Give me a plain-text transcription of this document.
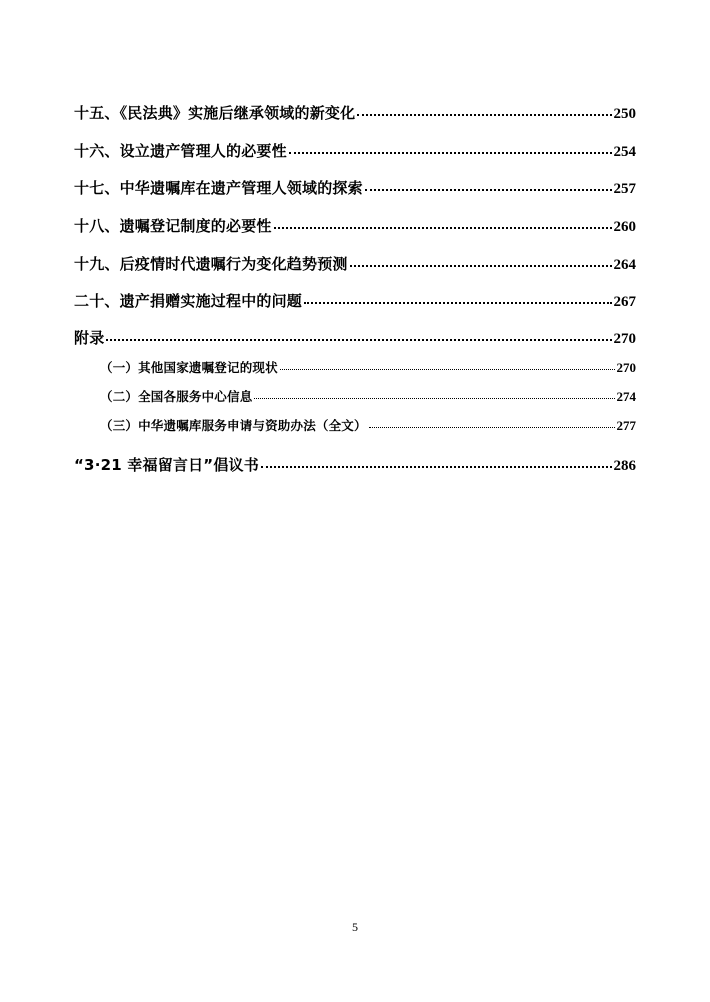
十五、《民法典》实施后继承领域的新变化	250
十六、设立遗产管理人的必要性	254
十七、中华遗嘱库在遗产管理人领域的探索	257
十八、遗嘱登记制度的必要性	260
十九、后疫情时代遗嘱行为变化趋势预测	264
二十、遗产捐赠实施过程中的问题	267
附录	270
（一）其他国家遗嘱登记的现状	270
（二）全国各服务中心信息	274
（三）中华遗嘱库服务申请与资助办法（全文）	277
“3·21 幸福留言日”倡议书	286
5
